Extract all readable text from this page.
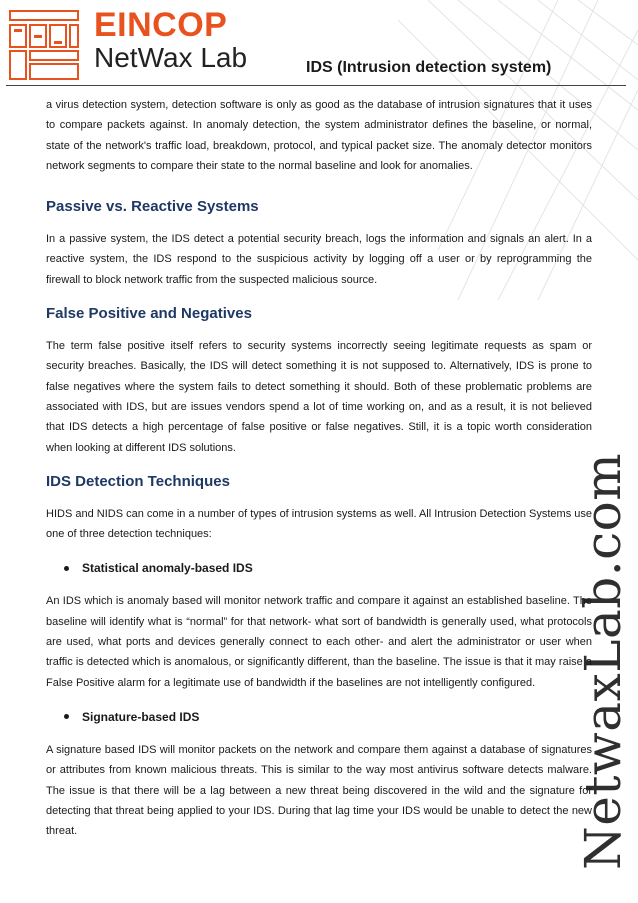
EINCOP
NetWax Lab	IDS (Intrusion detection system)
NetwaxLab.com

a virus detection system, detection software is only as good as the database of intrusion signatures that it uses to compare packets against. In anomaly detection, the system administrator defines the baseline, or normal, state of the network's traffic load, breakdown, protocol, and typical packet size. The anomaly detector monitors network segments to compare their state to the normal baseline and look for anomalies.

Passive vs. Reactive Systems

In a passive system, the IDS detect a potential security breach, logs the information and signals an alert. In a reactive system, the IDS respond to the suspicious activity by logging off a user or by reprogramming the firewall to block network traffic from the suspected malicious source.

False Positive and Negatives

The term false positive itself refers to security systems incorrectly seeing legitimate requests as spam or security breaches. Basically, the IDS will detect something it is not supposed to. Alternatively, IDS is prone to false negatives where the system fails to detect something it should. Both of these problematic problems are associated with IDS, but are issues vendors spend a lot of time working on, and as a result, it is not believed that IDS detects a high percentage of false positive or false negatives. Still, it is a topic worth consideration when looking at different IDS solutions.

IDS Detection Techniques

HIDS and NIDS can come in a number of types of intrusion systems as well. All Intrusion Detection Systems use one of three detection techniques:

Statistical anomaly-based IDS

An IDS which is anomaly based will monitor network traffic and compare it against an established baseline. The baseline will identify what is “normal” for that network- what sort of bandwidth is generally used, what protocols are used, what ports and devices generally connect to each other- and alert the administrator or user when traffic is detected which is anomalous, or significantly different, than the baseline. The issue is that it may raise a False Positive alarm for a legitimate use of bandwidth if the baselines are not intelligently configured.

Signature-based IDS

A signature based IDS will monitor packets on the network and compare them against a database of signatures or attributes from known malicious threats. This is similar to the way most antivirus software detects malware. The issue is that there will be a lag between a new threat being discovered in the wild and the signature for detecting that threat being applied to your IDS. During that lag time your IDS would be unable to detect the new threat.
